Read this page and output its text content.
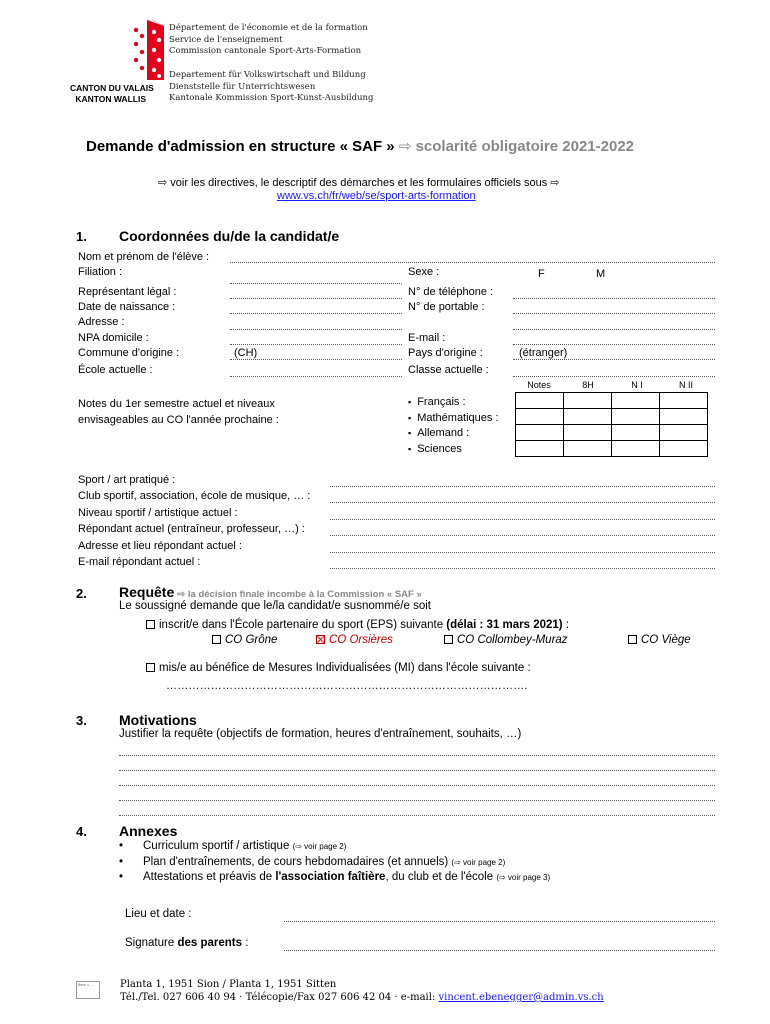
CANTON DU VALAIS
KANTON WALLIS
Département de l'économie et de la formation
Service de l'enseignement
Commission cantonale Sport-Arts-Formation
Departement für Volkswirtschaft und Bildung
Dienststelle für Unterrichtswesen
Kantonale Kommission Sport-Kunst-Ausbildung
Demande d'admission en structure « SAF » ⇨ scolarité obligatoire 2021-2022
⇨ voir les directives, le descriptif des démarches et les formulaires officiels sous ⇨
www.vs.ch/fr/web/se/sport-arts-formation
1. Coordonnées du/de la candidat/e
Nom et prénom de l'élève :
Filiation :	Sexe :	F	M
Représentant légal :	N° de téléphone :
Date de naissance :	N° de portable :
Adresse :
NPA domicile :	E-mail :
Commune d'origine :	(CH)	Pays d'origine :	(étranger)
École actuelle :	Classe actuelle :
Notes	8H	N I	N II
Notes du 1er semestre actuel et niveaux
envisageables au CO l'année prochaine :
▪ Français :
▪ Mathématiques :
▪ Allemand :
▪ Sciences

Sport / art pratiqué :
Club sportif, association, école de musique, … :
Niveau sportif / artistique actuel :
Répondant actuel (entraîneur, professeur, …) :
Adresse et lieu répondant actuel :
E-mail répondant actuel :
2. Requête ⇨ la décision finale incombe à la Commission « SAF »
Le soussigné demande que le/la candidat/e susnommé/e soit
inscrit/e dans l'École partenaire du sport (EPS) suivante (délai : 31 mars 2021) :
CO Grône	CO Orsières	CO Collombey-Muraz	CO Viège
mis/e au bénéfice de Mesures Individualisées (MI) dans l'école suivante :
…………………………………………………………………………………….
3. Motivations
Justifier la requête (objectifs de formation, heures d'entraînement, souhaits, …)
4. Annexes
• Curriculum sportif / artistique (⇨ voir page 2)
• Plan d'entraînements, de cours hebdomadaires (et annuels) (⇨ voir page 2)
• Attestations et préavis de l'association faîtière, du club et de l'école (⇨ voir page 3)
Lieu et date :
Signature des parents :
Beim v. ....	Planta 1, 1951 Sion / Planta 1, 1951 Sitten
Tél./Tel. 027 606 40 94 · Télécopie/Fax 027 606 42 04 · e-mail: vincent.ebenegger@admin.vs.ch
